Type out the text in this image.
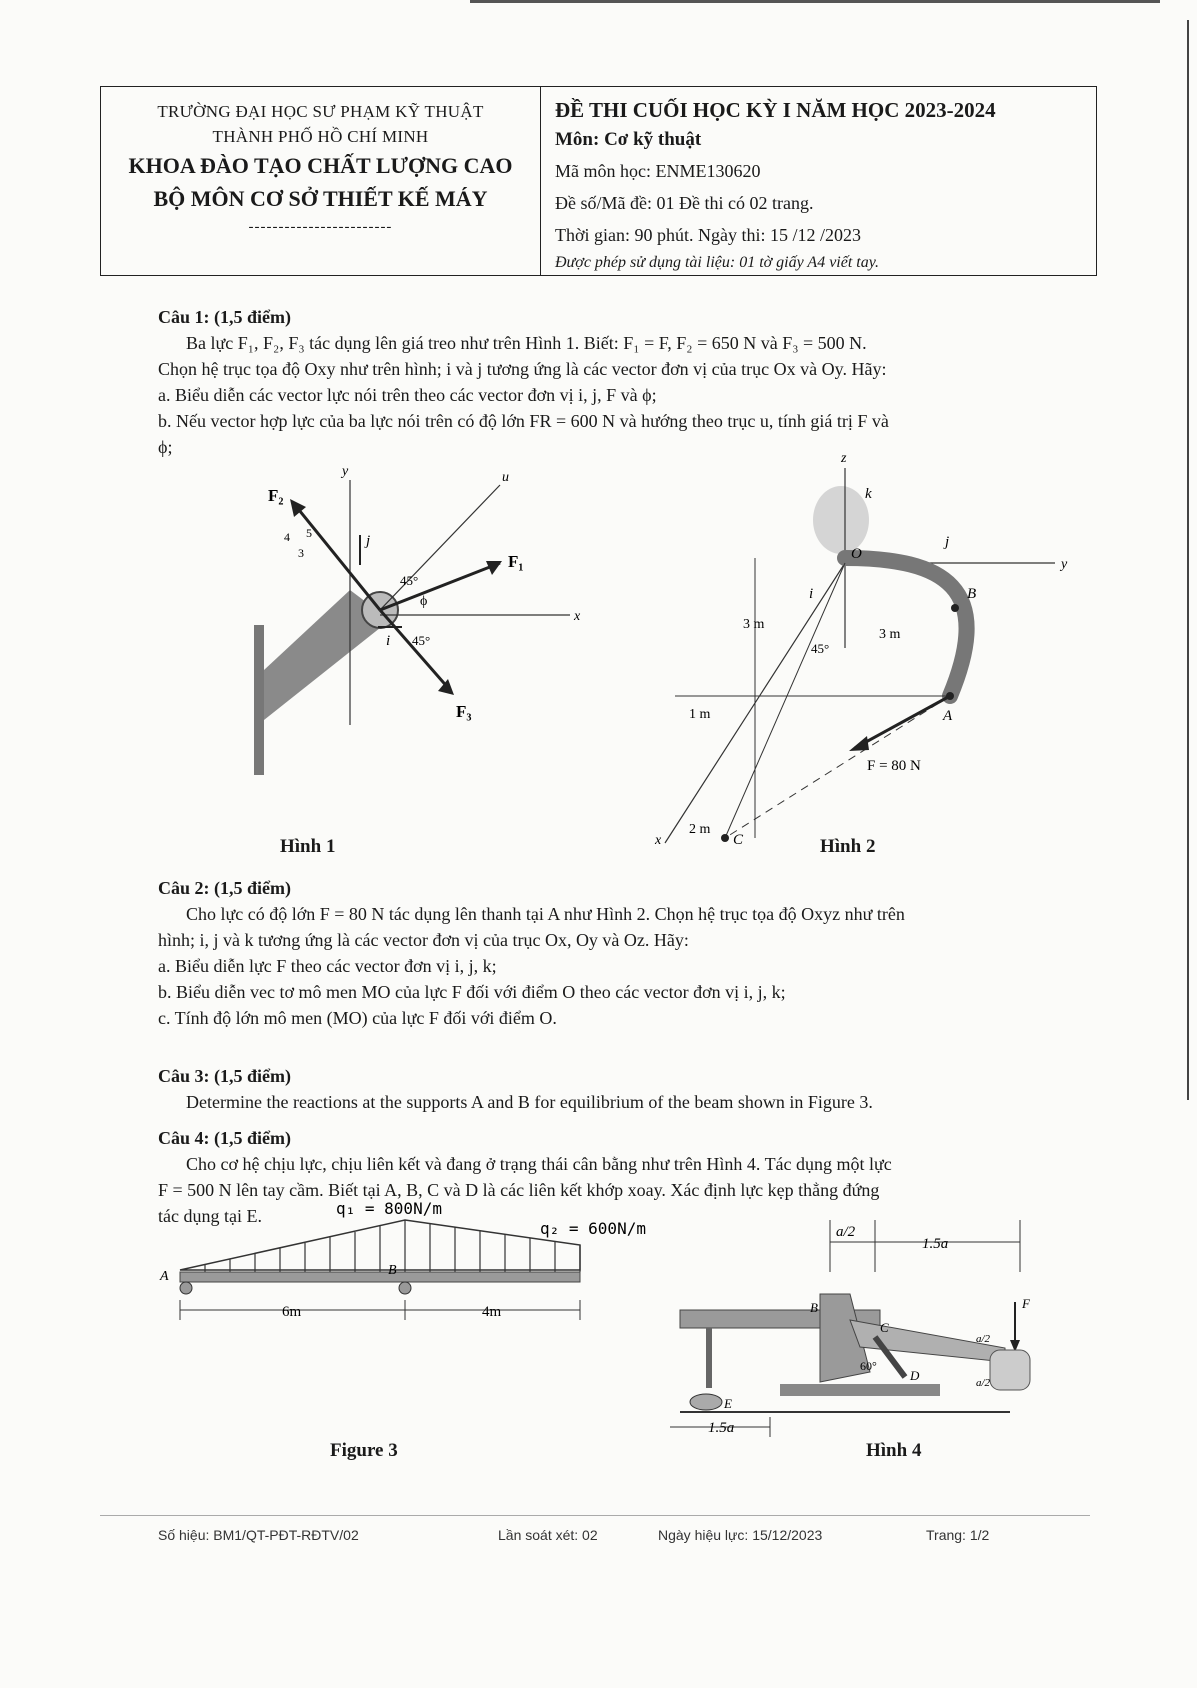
TRƯỜNG ĐẠI HỌC SƯ PHẠM KỸ THUẬT
THÀNH PHỐ HỒ CHÍ MINH
KHOA ĐÀO TẠO CHẤT LƯỢNG CAO
BỘ MÔN CƠ SỞ THIẾT KẾ MÁY
------------------------
ĐỀ THI CUỐI HỌC KỲ I NĂM HỌC 2023-2024
Môn: Cơ kỹ thuật
Mã môn học: ENME130620
Đề số/Mã đề: 01 Đề thi có 02 trang.
Thời gian: 90 phút. Ngày thi: 15 /12 /2023
Được phép sử dụng tài liệu: 01 tờ giấy A4 viết tay.
Câu 1: (1,5 điểm)
Ba lực F₁, F₂, F₃ tác dụng lên giá treo như trên Hình 1. Biết: F₁ = F, F₂ = 650 N và F₃ = 500 N.
Chọn hệ trục tọa độ Oxy như trên hình; i và j tương ứng là các vector đơn vị của trục Ox và Oy. Hãy:
a. Biểu diễn các vector lực nói trên theo các vector đơn vị i, j, F và ϕ;
b. Nếu vector hợp lực của ba lực nói trên có độ lớn FR = 600 N và hướng theo trục u, tính giá trị F và
ϕ;
F₂
y	u
F₁
x
F₃
j
i
45°
45°
ϕ
4 5
3
Hình 1
z
k
O
j
y
i	B
3 m
3 m
45°
1 m	A
F = 80 N
2 m
C
x	Hình 2
Câu 2: (1,5 điểm)
Cho lực có độ lớn F = 80 N tác dụng lên thanh tại A như Hình 2. Chọn hệ trục tọa độ Oxyz như trên
hình; i, j và k tương ứng là các vector đơn vị của trục Ox, Oy và Oz. Hãy:
a. Biểu diễn lực F theo các vector đơn vị i, j, k;
b. Biểu diễn vec tơ mô men MO của lực F đối với điểm O theo các vector đơn vị i, j, k;
c. Tính độ lớn mô men (MO) của lực F đối với điểm O.
Câu 3: (1,5 điểm)
Determine the reactions at the supports A and B for equilibrium of the beam shown in Figure 3.
Câu 4: (1,5 điểm)
Cho cơ hệ chịu lực, chịu liên kết và đang ở trạng thái cân bằng như trên Hình 4. Tác dụng một lực
F = 500 N lên tay cầm. Biết tại A, B, C và D là các liên kết khớp xoay. Xác định lực kẹp thẳng đứng
tác dụng tại E.	q₁ = 800N/m
q₂ = 600N/m
A	B
6m	4m
Figure 3
a/2
1.5a
B
C
60°
D
E
F
a/2
a/2
1.5a
Hình 4
Số hiệu: BM1/QT-PĐT-RĐTV/02	Lần soát xét: 02	Ngày hiệu lực: 15/12/2023	Trang: 1/2
